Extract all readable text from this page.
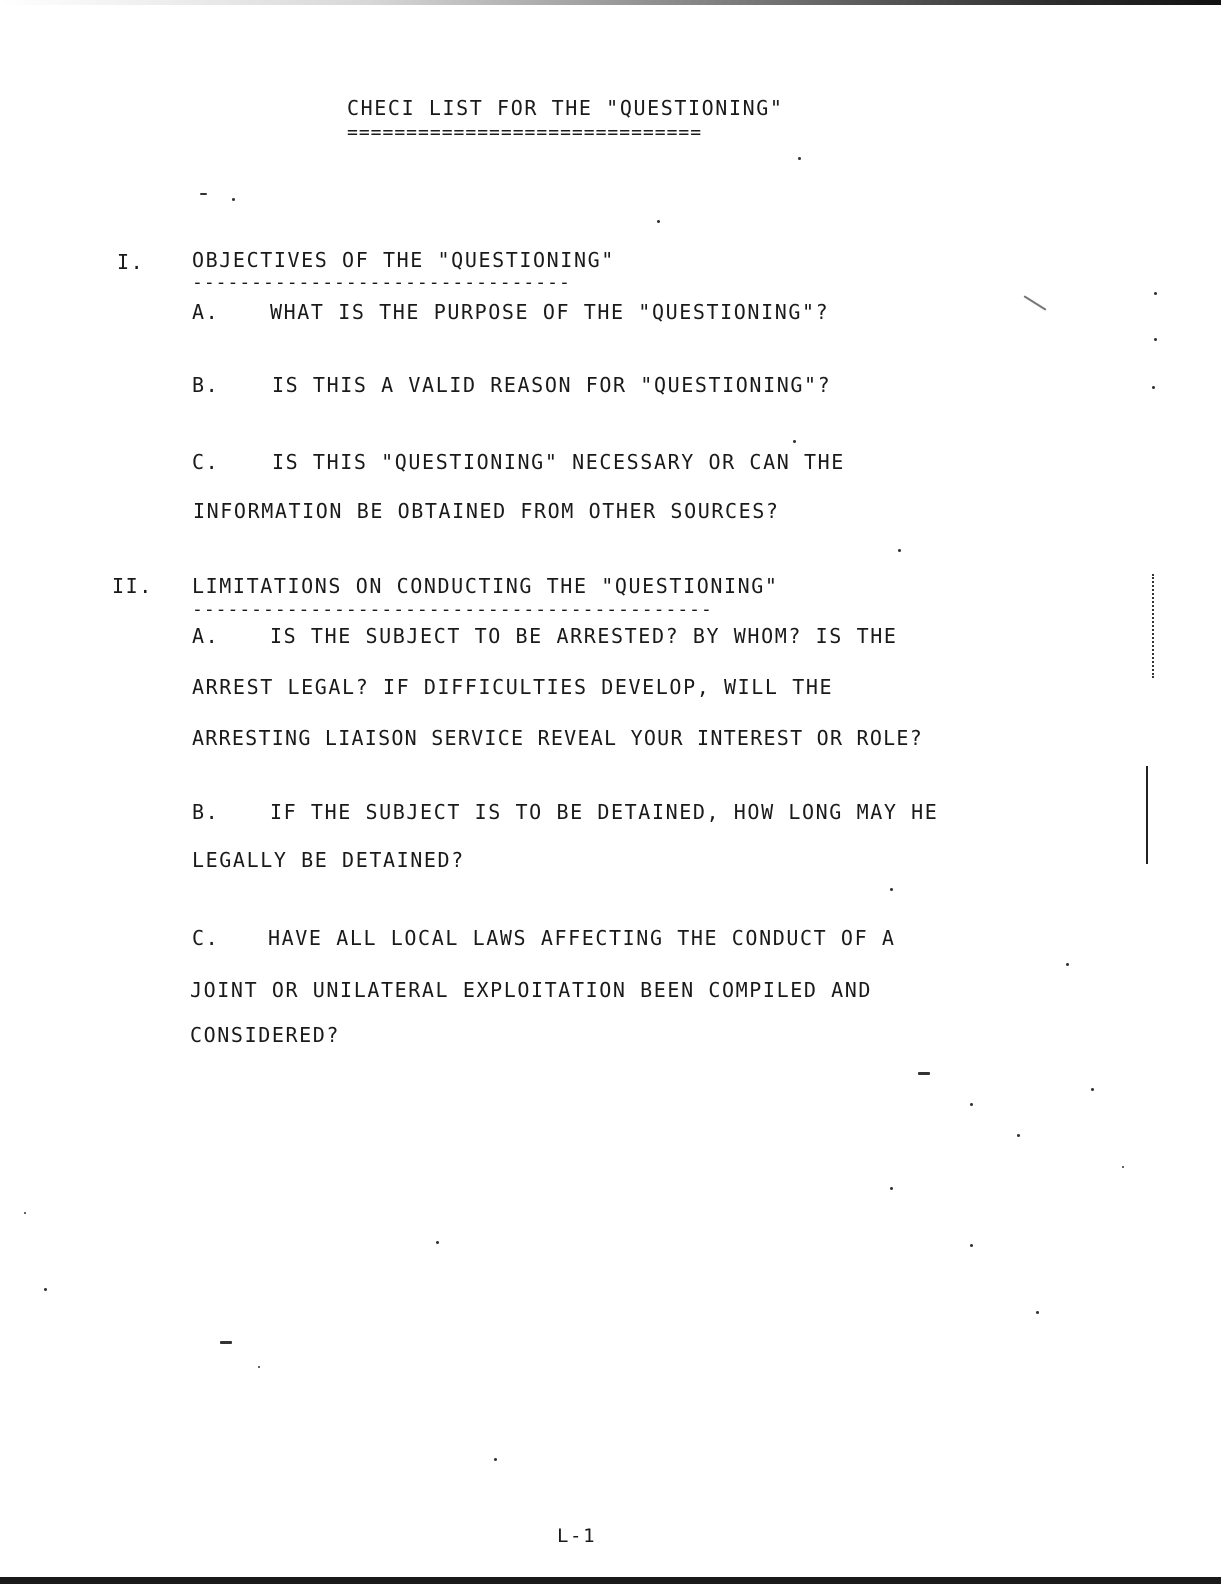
CHECI LIST FOR THE "QUESTIONING"
==============================
I. OBJECTIVES OF THE "QUESTIONING"
--------------------------------
A.	WHAT IS THE PURPOSE OF THE "QUESTIONING"?
B.	IS THIS A VALID REASON FOR "QUESTIONING"?
C.	IS THIS "QUESTIONING" NECESSARY OR CAN THE
INFORMATION BE OBTAINED FROM OTHER SOURCES?
II. LIMITATIONS ON CONDUCTING THE "QUESTIONING"
--------------------------------------------
A.	IS THE SUBJECT TO BE ARRESTED? BY WHOM? IS THE
ARREST LEGAL? IF DIFFICULTIES DEVELOP, WILL THE
ARRESTING LIAISON SERVICE REVEAL YOUR INTEREST OR ROLE?
B.	IF THE SUBJECT IS TO BE DETAINED, HOW LONG MAY HE
LEGALLY BE DETAINED?
C. HAVE ALL LOCAL LAWS AFFECTING THE CONDUCT OF A
JOINT OR UNILATERAL EXPLOITATION BEEN COMPILED AND
CONSIDERED?
L-1
